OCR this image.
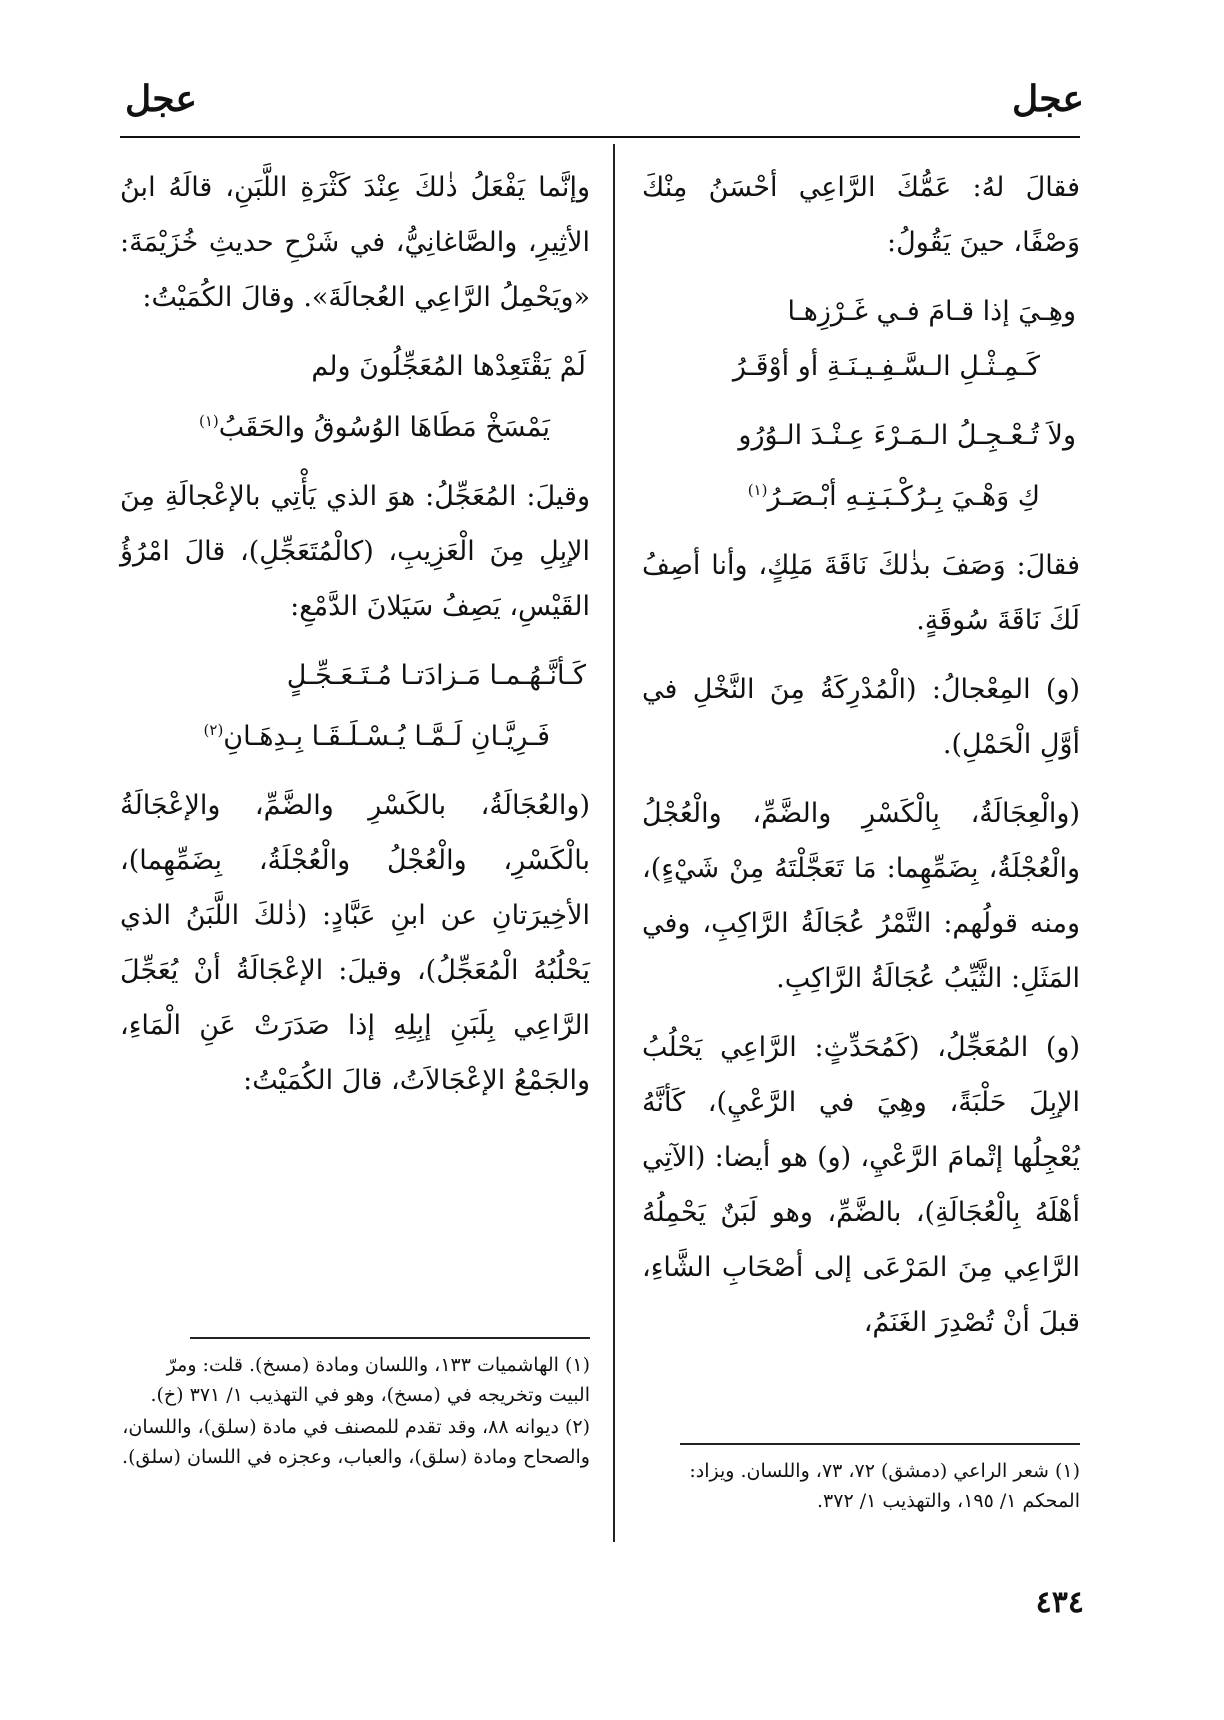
عجل
عجل

فقالَ لهُ: عَمُّكَ الرَّاعِي أحْسَنُ مِنْكَ وَصْفًا، حينَ يَقُولُ:

وهِـيَ إذا قـامَ فـي غَـرْزِهـا

كَـمِـثْـلِ الـسَّـفِـيـنَـةِ أو أوْقَـرُ

ولاَ تُـعْـجِـلُ الـمَـرْءَ عِـنْـدَ الـوُرُو

كِ وَهْـيَ بِـرُكْـبَـتِـهِ أبْـصَـرُ$^{(١)}$

فقالَ: وَصَفَ بذٰلكَ نَاقَةَ مَلِكٍ، وأنا أصِفُ لَكَ نَاقَةَ سُوقَةٍ.

(و) المِعْجالُ: (الْمُدْرِكَةُ مِنَ النَّخْلِ في أوَّلِ الْحَمْلِ).

(والْعِجَالَةُ، بِالْكَسْرِ والضَّمِّ، والْعُجْلُ والْعُجْلَةُ، بِضَمِّهِما: مَا تَعَجَّلْتَهُ مِنْ شَيْءٍ)، ومنه قولُهم: التَّمْرُ عُجَالَةُ الرَّاكِبِ، وفي المَثَلِ: الثَّيِّبُ عُجَالَةُ الرَّاكِبِ.

(و) المُعَجِّلُ، (كَمُحَدِّثٍ: الرَّاعِي يَحْلُبُ الإبِلَ حَلْبَةً، وهِيَ في الرَّعْيِ)، كَأنَّهُ يُعْجِلُها إتْمامَ الرَّعْيِ، (و) هو أيضا: (الآتِي أهْلَهُ بِالْعُجَالَةِ)، بالضَّمِّ، وهو لَبَنٌ يَحْمِلُهُ الرَّاعِي مِنَ المَرْعَى إلى أصْحَابِ الشَّاءِ، قبلَ أنْ تُصْدِرَ الغَنَمُ،

وإنَّما يَفْعَلُ ذٰلكَ عِنْدَ كَثْرَةِ اللَّبَنِ، قالَهُ ابنُ الأثِيرِ، والصَّاغانِيُّ، في شَرْحِ حديثِ خُزَيْمَةَ: «ويَحْمِلُ الرَّاعِي العُجالَةَ». وقالَ الكُمَيْتُ:

لَمْ يَقْتَعِدْها المُعَجِّلُونَ ولم

يَمْسَخْ مَطَاهَا الوُسُوقُ والحَقَبُ$^{(١)}$

وقيلَ: المُعَجِّلُ: هوَ الذي يَأْتِي بالإعْجالَةِ مِنَ الإبِلِ مِنَ الْعَزِيبِ، (كالْمُتَعَجِّلِ)، قالَ امْرُؤُ القَيْسِ، يَصِفُ سَيَلانَ الدَّمْعِ:

كَـأنَّـهُـمـا مَـزادَتـا مُـتَـعَـجِّـلٍ

فَـرِيَّـانِ لَـمَّـا يُـسْـلَـقَـا بِـدِهَـانِ$^{(٢)}$

(والعُجَالَةُ، بالكَسْرِ والضَّمِّ، والإعْجَالَةُ بالْكَسْرِ، والْعُجْلُ والْعُجْلَةُ، بِضَمِّهِما)، الأخِيرَتانِ عن ابنِ عَبَّادٍ: (ذٰلكَ اللَّبَنُ الذي يَحْلُبُهُ الْمُعَجِّلُ)، وقيلَ: الإعْجَالَةُ أنْ يُعَجِّلَ الرَّاعِي بِلَبَنِ إبِلِهِ إذا صَدَرَتْ عَنِ الْمَاءِ، والجَمْعُ الإعْجَالاَتُ، قالَ الكُمَيْتُ:

(١) شعر الراعي (دمشق) ٧٢، ٧٣، واللسان. ويزاد: المحكم ١/ ١٩٥، والتهذيب ١/ ٣٧٢.

(١) الهاشميات ١٣٣، واللسان ومادة (مسخ). قلت: ومرّ البيت وتخريجه في (مسخ)، وهو في التهذيب ١/ ٣٧١ (خ).

(٢) ديوانه ٨٨، وقد تقدم للمصنف في مادة (سلق)، واللسان، والصحاح ومادة (سلق)، والعباب، وعجزه في اللسان (سلق).

٤٣٤
